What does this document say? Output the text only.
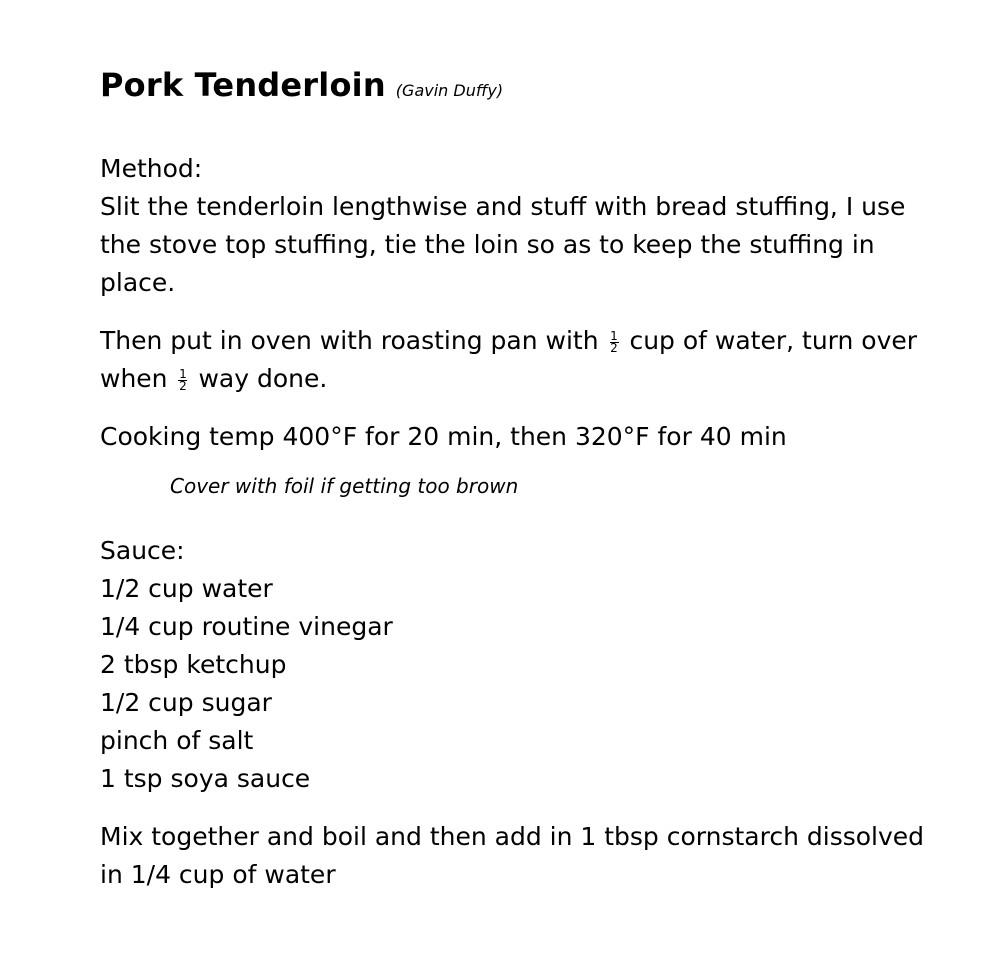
Pork Tenderloin (Gavin Duffy)
Method:
Slit the tenderloin lengthwise and stuff with bread stuffing, I use the stove top stuffing, tie the loin so as to keep the stuffing in place.
Then put in oven with roasting pan with $\frac{1}{2}$ cup of water, turn over
when $\frac{1}{2}$ way done.
Cooking temp 400°F for 20 min, then 320°F for 40 min
Cover with foil if getting too brown
Sauce:
1/2 cup water
1/4 cup routine vinegar
2 tbsp ketchup
1/2 cup sugar
pinch of salt
1 tsp soya sauce
Mix together and boil and then add in 1 tbsp cornstarch dissolved in 1/4 cup of water
